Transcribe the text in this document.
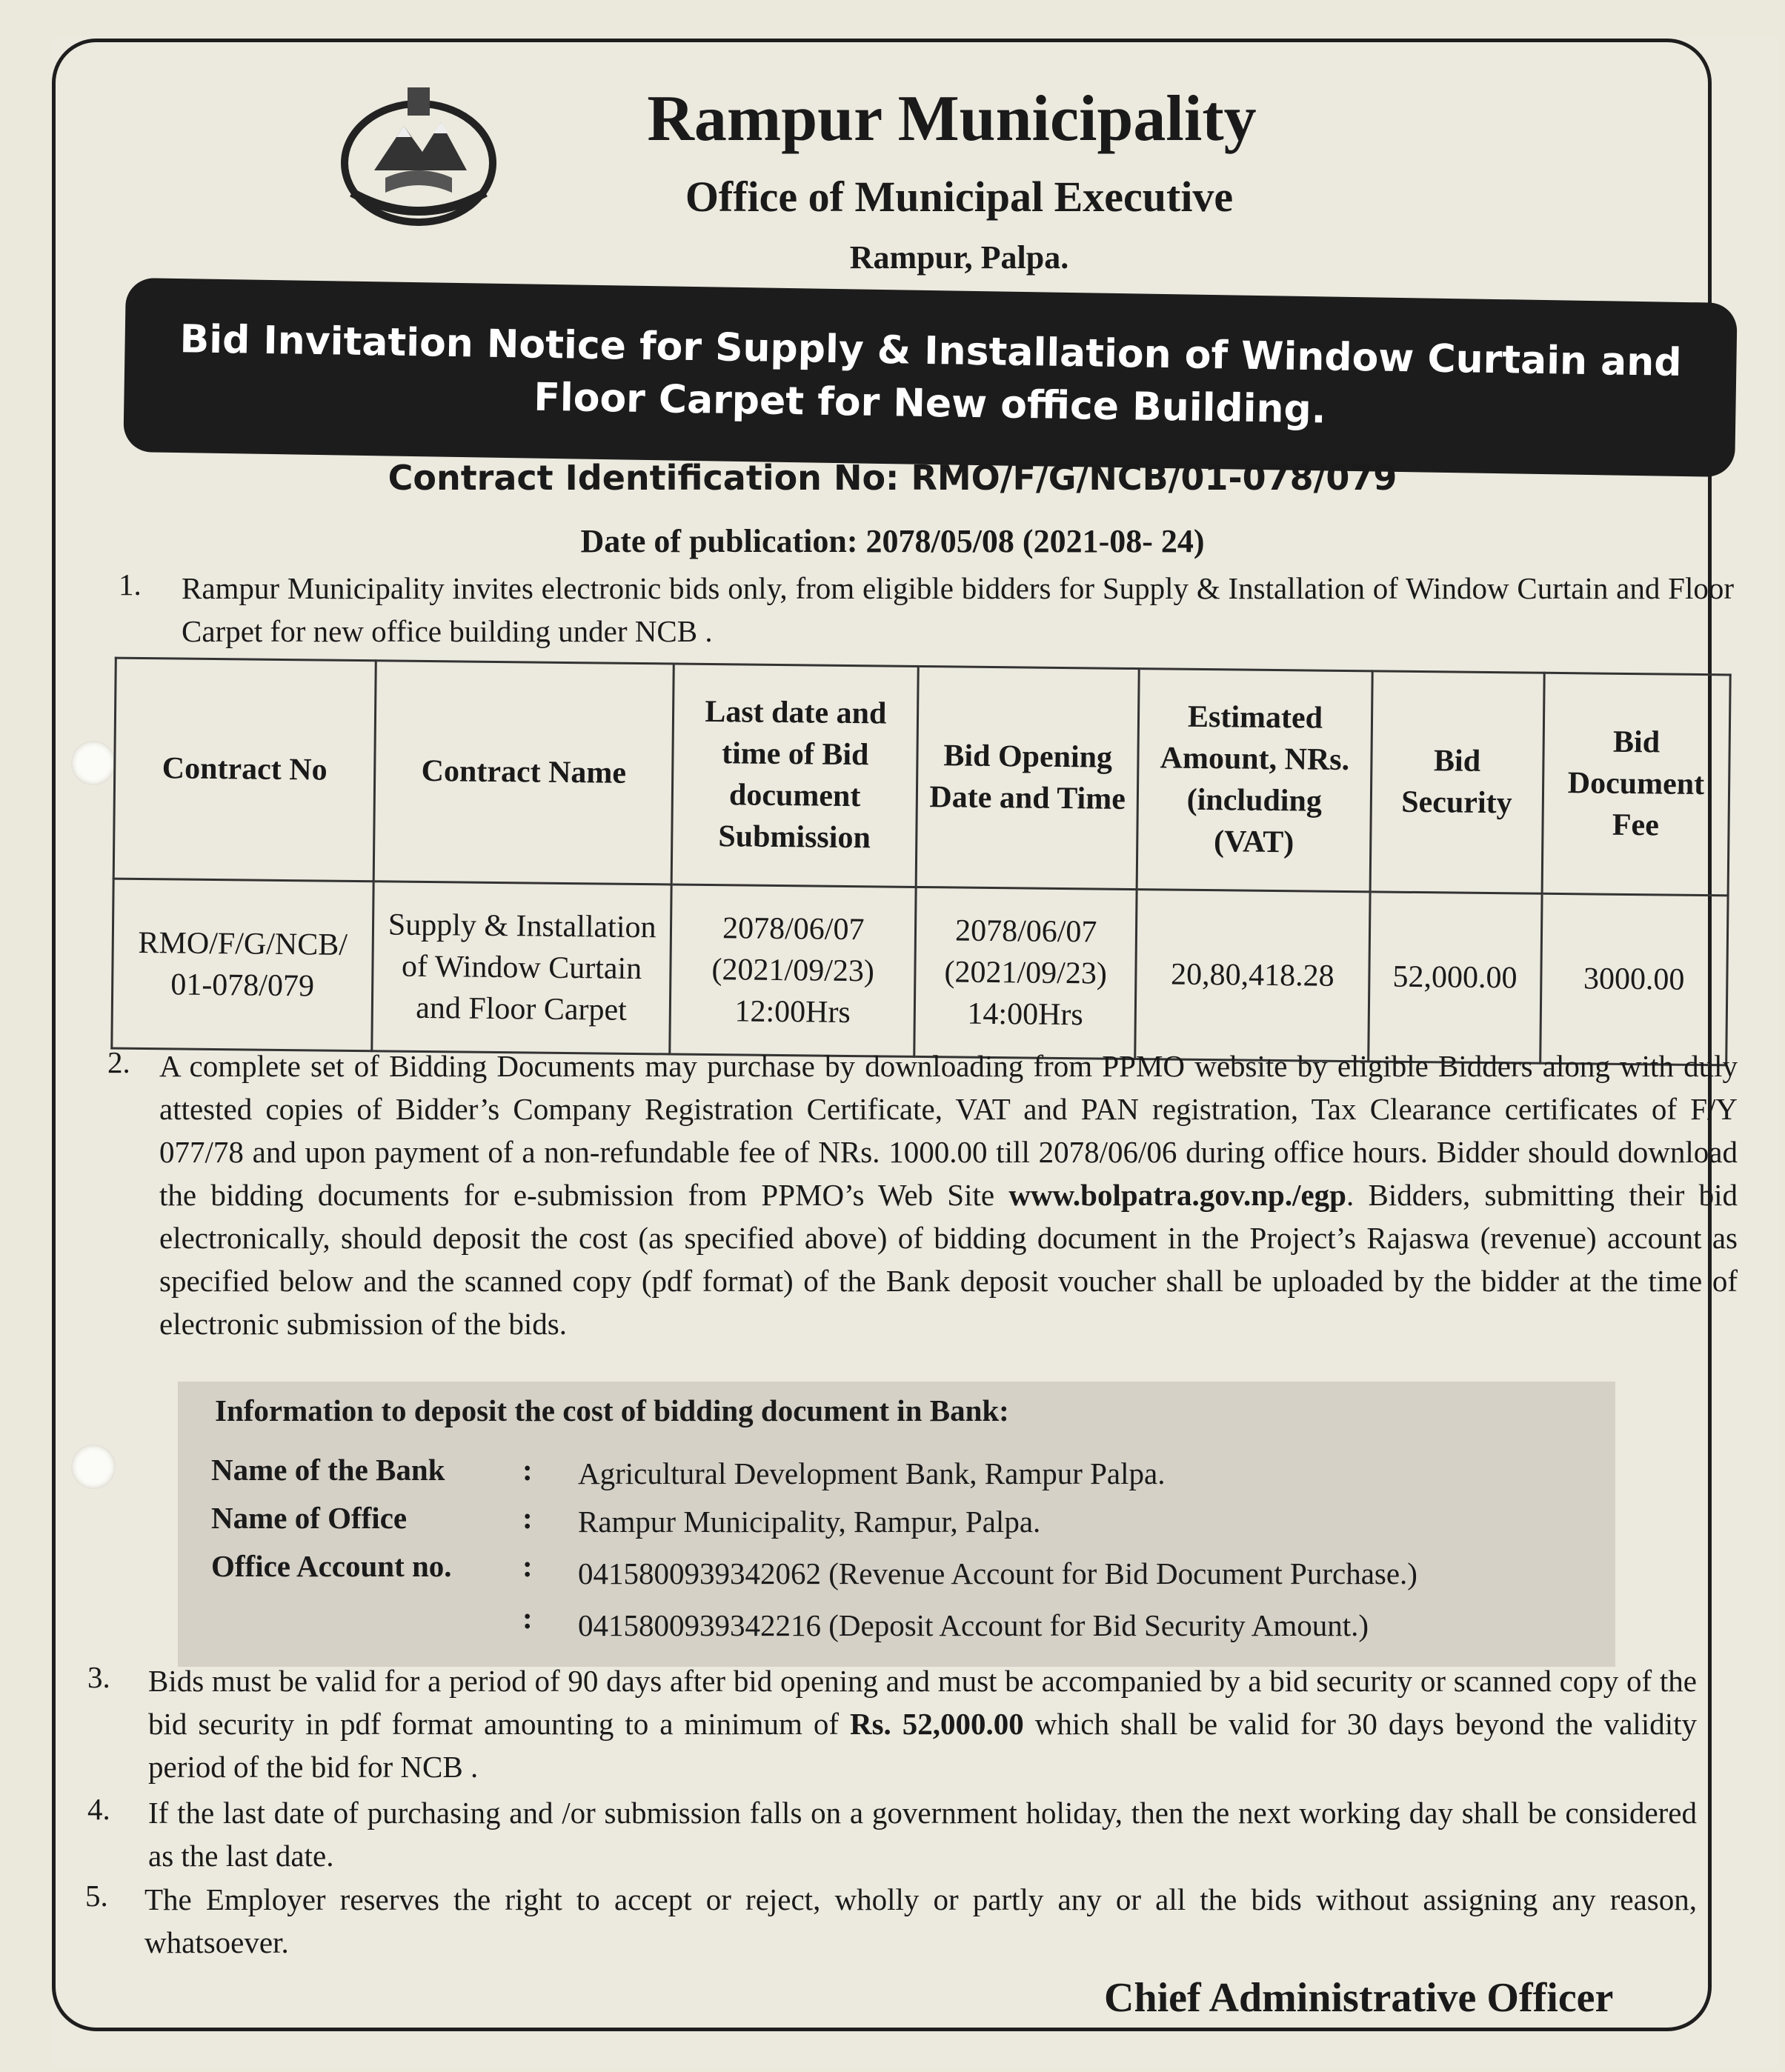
Rampur Municipality
Office of Municipal Executive
Rampur, Palpa.
Bid Invitation Notice for Supply & Installation of Window Curtain and Floor Carpet for New office Building.
Contract Identification No: RMO/F/G/NCB/01-078/079
Date of publication: 2078/05/08 (2021-08- 24)
1. Rampur Municipality invites electronic bids only, from eligible bidders for Supply & Installation of Window Curtain and Floor Carpet for new office building under NCB .
Contract No	Contract Name	Last date and time of Bid document Submission	Bid Opening Date and Time	Estimated Amount, NRs. (including (VAT)	Bid Security	Bid Document Fee
RMO/F/G/NCB/ 01-078/079	Supply & Installation of Window Curtain and Floor Carpet	2078/06/07 (2021/09/23) 12:00Hrs	2078/06/07 (2021/09/23) 14:00Hrs	20,80,418.28	52,000.00	3000.00
2. A complete set of Bidding Documents may purchase by downloading from PPMO website by eligible Bidders along with duly attested copies of Bidder’s Company Registration Certificate, VAT and PAN registration, Tax Clearance certificates of F/Y 077/78 and upon payment of a non-refundable fee of NRs. 1000.00 till 2078/06/06 during office hours. Bidder should download the bidding documents for e-submission from PPMO’s Web Site www.bolpatra.gov.np./egp. Bidders, submitting their bid electronically, should deposit the cost (as specified above) of bidding document in the Project’s Rajaswa (revenue) account as specified below and the scanned copy (pdf format) of the Bank deposit voucher shall be uploaded by the bidder at the time of electronic submission of the bids.
Information to deposit the cost of bidding document in Bank:
Name of the Bank	: Agricultural Development Bank, Rampur Palpa.
Name of Office	: Rampur Municipality, Rampur, Palpa.
Office Account no. : 0415800939342062 (Revenue Account for Bid Document Purchase.)
: 0415800939342216 (Deposit Account for Bid Security Amount.)
3. Bids must be valid for a period of 90 days after bid opening and must be accompanied by a bid security or scanned copy of the bid security in pdf format amounting to a minimum of Rs. 52,000.00 which shall be valid for 30 days beyond the validity period of the bid for NCB .
4. If the last date of purchasing and /or submission falls on a government holiday, then the next working day shall be considered as the last date.
5. The Employer reserves the right to accept or reject, wholly or partly any or all the bids without assigning any reason, whatsoever.
Chief Administrative Officer
